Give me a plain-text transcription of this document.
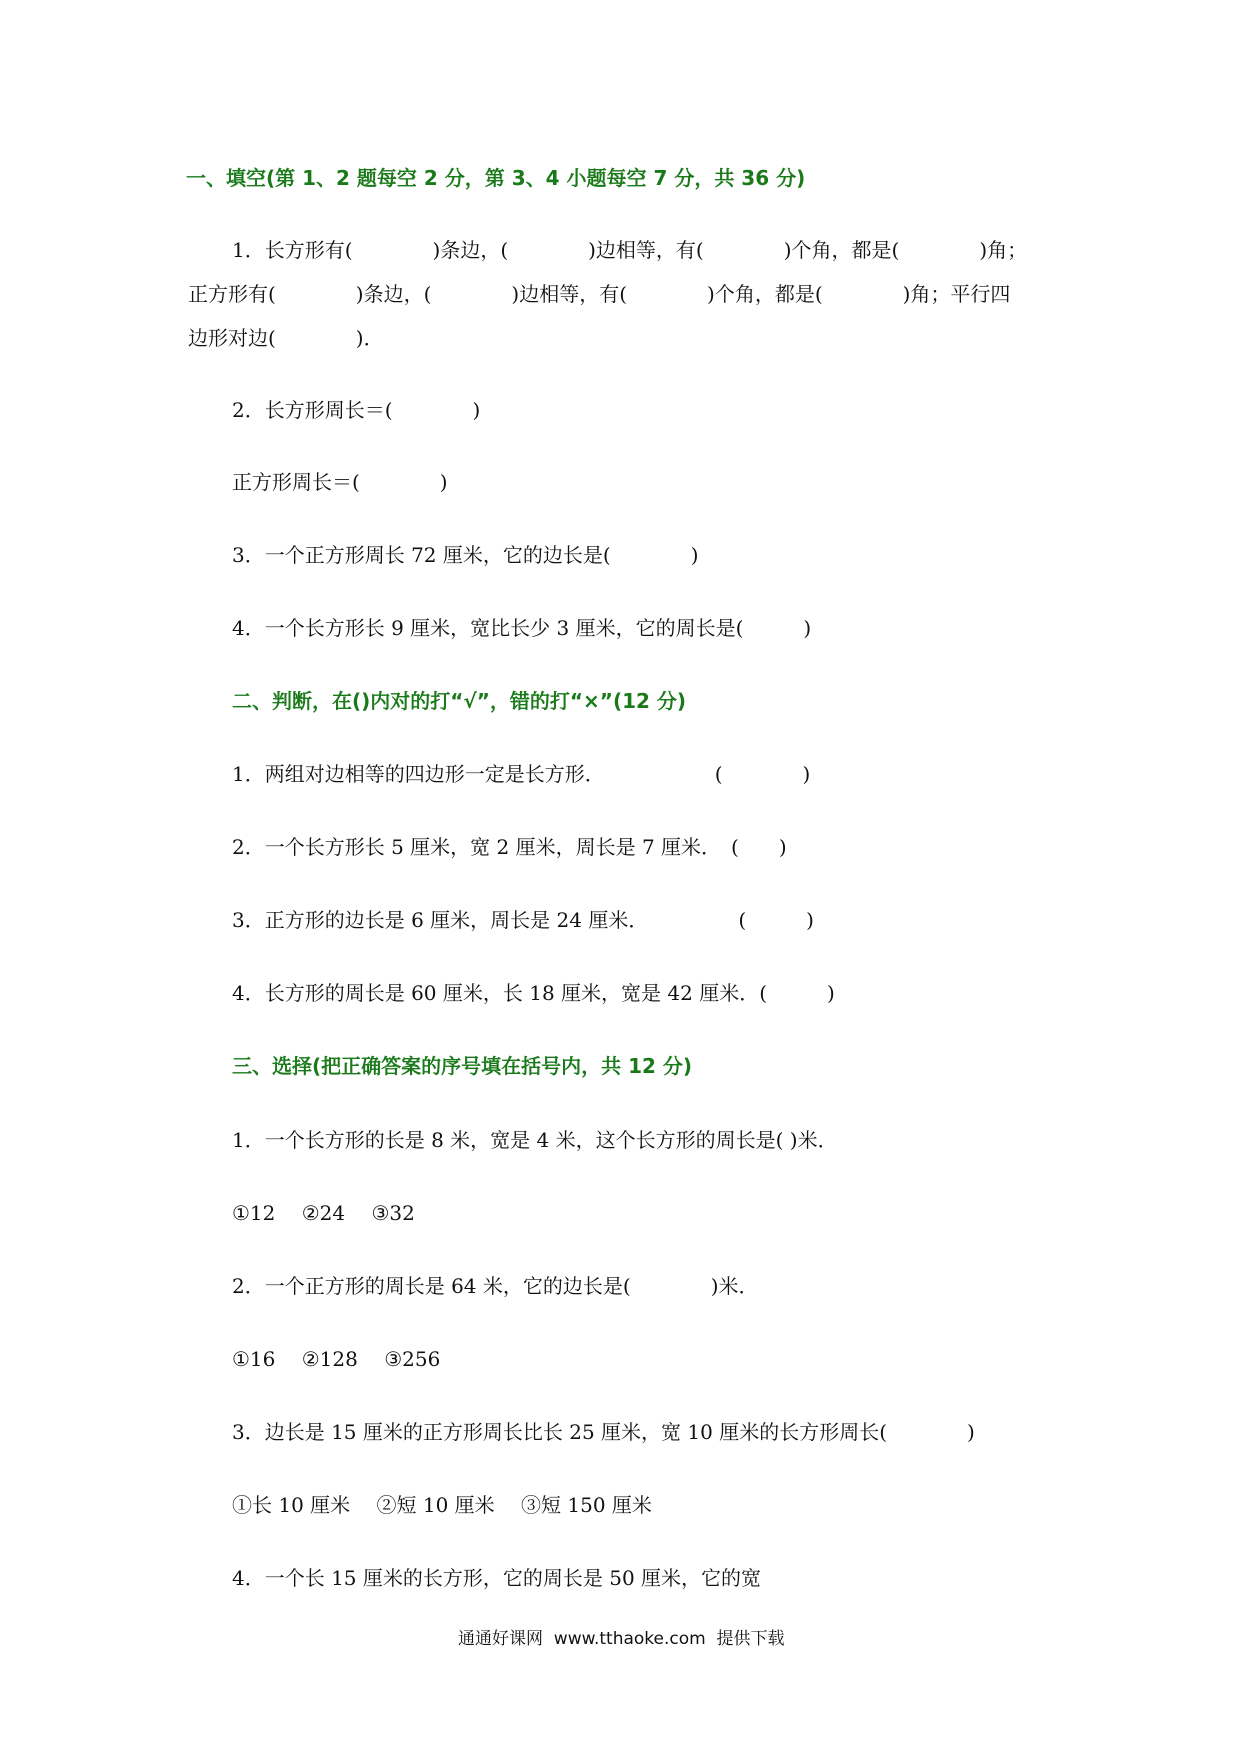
一、填空(第 1、2 题每空 2 分，第 3、4 小题每空 7 分，共 36 分)
1．长方形有(　　　　)条边，(　　　　)边相等，有(　　　　)个角，都是(　　　　)角；
正方形有(　　　　)条边，(　　　　)边相等，有(　　　　)个角，都是(　　　　)角；平行四
边形对边(　　　　)．
2．长方形周长＝(　　　　)
正方形周长＝(　　　　)
3．一个正方形周长 72 厘米，它的边长是(　　　　)
4．一个长方形长 9 厘米，宽比长少 3 厘米，它的周长是(　　　)
二、判断，在()内对的打“√”，错的打“×”(12 分)
1．两组对边相等的四边形一定是长方形．　　　　　　(　　　　)
2．一个长方形长 5 厘米，宽 2 厘米，周长是 7 厘米．　(　　)
3．正方形的边长是 6 厘米，周长是 24 厘米．　　　　　(　　　)
4．长方形的周长是 60 厘米，长 18 厘米，宽是 42 厘米．(　　　)
三、选择(把正确答案的序号填在括号内，共 12 分)
1．一个长方形的长是 8 米，宽是 4 米，这个长方形的周长是( )米．
①12　 ②24　 ③32
2．一个正方形的周长是 64 米，它的边长是(　　　　)米．
①16　 ②128　 ③256
3．边长是 15 厘米的正方形周长比长 25 厘米，宽 10 厘米的长方形周长(　　　　)
①长 10 厘米　 ②短 10 厘米　 ③短 150 厘米
4．一个长 15 厘米的长方形，它的周长是 50 厘米，它的宽
通通好课网  www.tthaoke.com  提供下载
